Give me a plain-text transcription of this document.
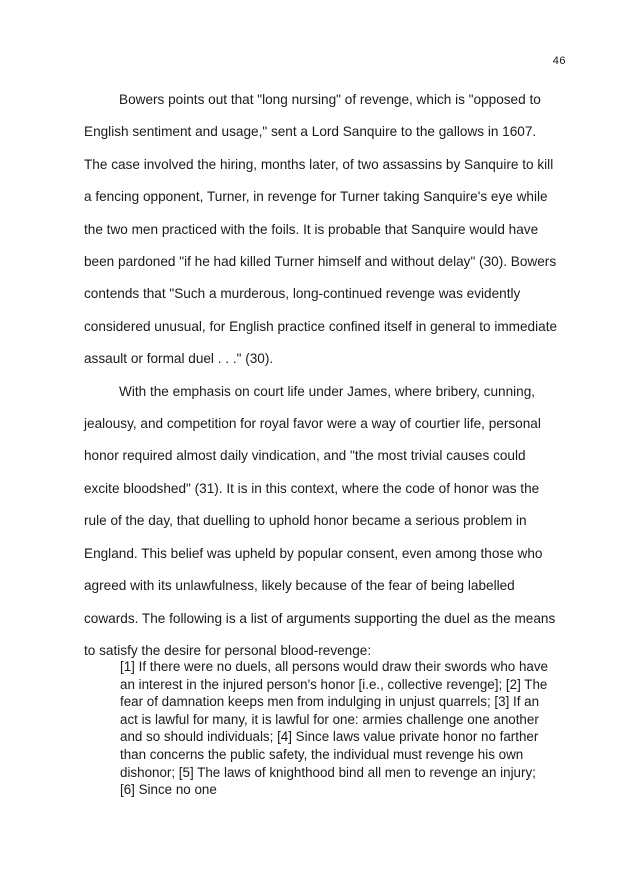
46

Bowers points out that "long nursing" of revenge, which is "opposed to English sentiment and usage," sent a Lord Sanquire to the gallows in 1607. The case involved the hiring, months later, of two assassins by Sanquire to kill a fencing opponent, Turner, in revenge for Turner taking Sanquire's eye while the two men practiced with the foils. It is probable that Sanquire would have been pardoned "if he had killed Turner himself and without delay" (30). Bowers contends that "Such a murderous, long-continued revenge was evidently considered unusual, for English practice confined itself in general to immediate assault or formal duel . . ." (30).

With the emphasis on court life under James, where bribery, cunning, jealousy, and competition for royal favor were a way of courtier life, personal honor required almost daily vindication, and "the most trivial causes could excite bloodshed" (31). It is in this context, where the code of honor was the rule of the day, that duelling to uphold honor became a serious problem in England. This belief was upheld by popular consent, even among those who agreed with its unlawfulness, likely because of the fear of being labelled cowards. The following is a list of arguments supporting the duel as the means to satisfy the desire for personal blood-revenge:

[1] If there were no duels, all persons would draw their swords who have an interest in the injured person's honor [i.e., collective revenge]; [2] The fear of damnation keeps men from indulging in unjust quarrels; [3] If an act is lawful for many, it is lawful for one: armies challenge one another and so should individuals; [4] Since laws value private honor no farther than concerns the public safety, the individual must revenge his own dishonor; [5] The laws of knighthood bind all men to revenge an injury; [6] Since no one
